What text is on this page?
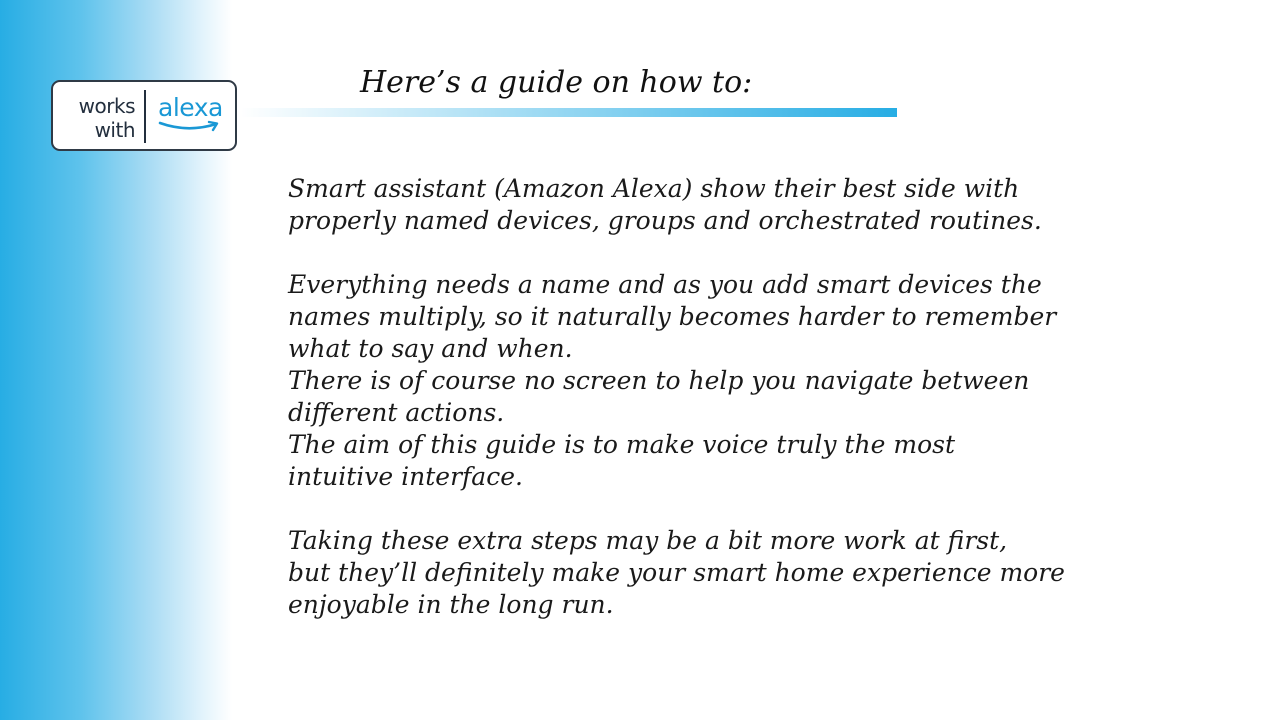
works with
alexa
Here’s a guide on how to:
Smart assistant (Amazon Alexa) show their best side with
properly named devices, groups and orchestrated routines.
Everything needs a name and as you add smart devices the
names multiply, so it naturally becomes harder to remember
what to say and when.
There is of course no screen to help you navigate between
different actions.
The aim of this guide is to make voice truly the most
intuitive interface.
Taking these extra steps may be a bit more work at first,
but they’ll definitely make your smart home experience more
enjoyable in the long run.
